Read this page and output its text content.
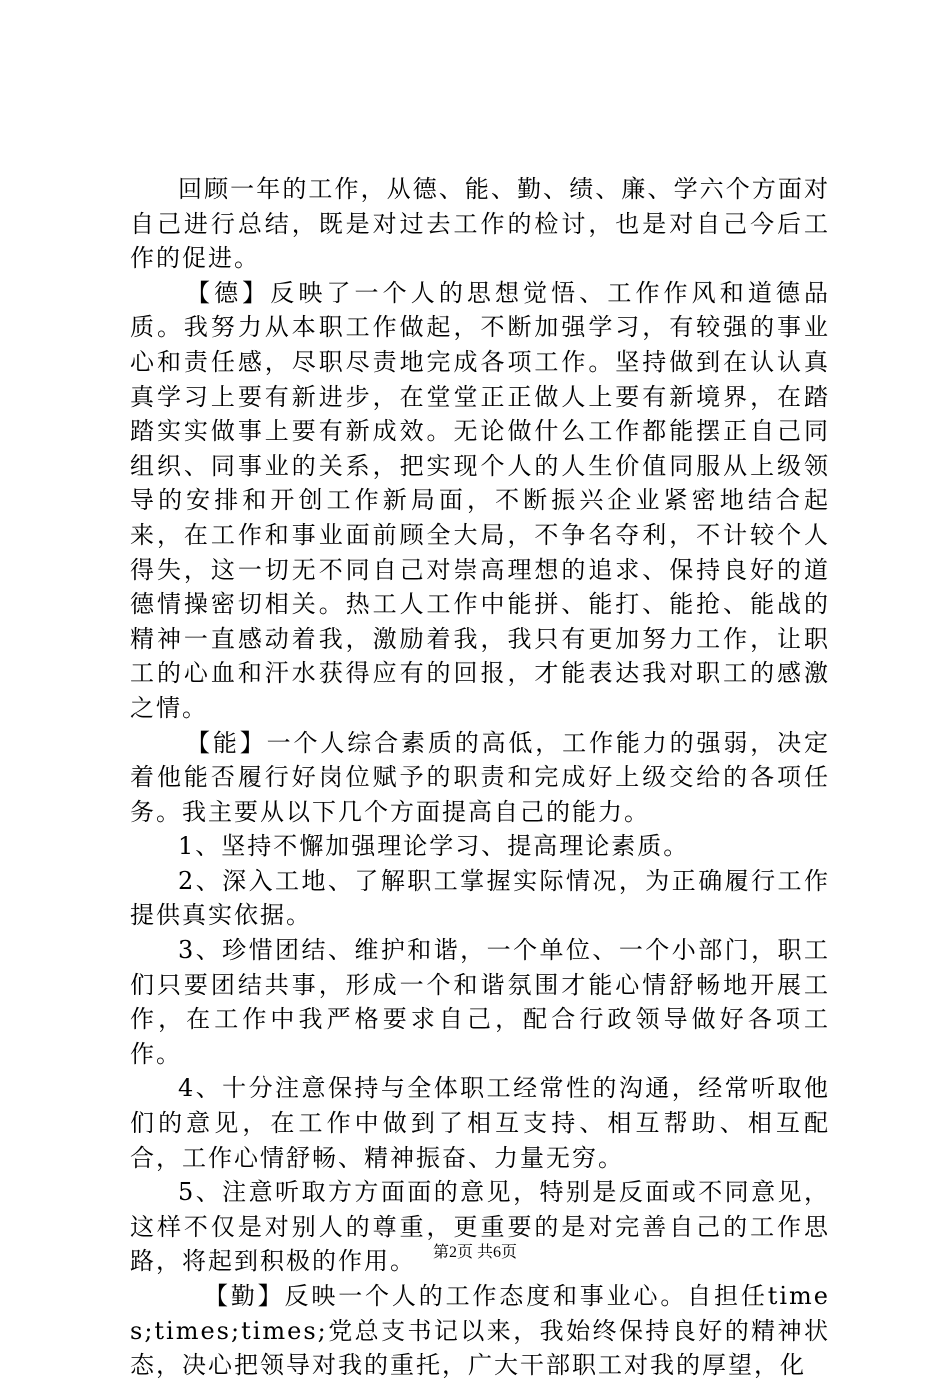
回顾一年的工作，从德、能、勤、绩、廉、学六个方面对自己进行总结，既是对过去工作的检讨，也是对自己今后工作的促进。

【德】反映了一个人的思想觉悟、工作作风和道德品质。我努力从本职工作做起，不断加强学习，有较强的事业心和责任感，尽职尽责地完成各项工作。坚持做到在认认真真学习上要有新进步，在堂堂正正做人上要有新境界，在踏踏实实做事上要有新成效。无论做什么工作都能摆正自己同组织、同事业的关系，把实现个人的人生价值同服从上级领导的安排和开创工作新局面，不断振兴企业紧密地结合起来，在工作和事业面前顾全大局，不争名夺利，不计较个人得失，这一切无不同自己对崇高理想的追求、保持良好的道德情操密切相关。热工人工作中能拼、能打、能抢、能战的精神一直感动着我，激励着我，我只有更加努力工作，让职工的心血和汗水获得应有的回报，才能表达我对职工的感激之情。

【能】一个人综合素质的高低，工作能力的强弱，决定着他能否履行好岗位赋予的职责和完成好上级交给的各项任务。我主要从以下几个方面提高自己的能力。

1、坚持不懈加强理论学习、提高理论素质。

2、深入工地、了解职工掌握实际情况，为正确履行工作提供真实依据。

3、珍惜团结、维护和谐，一个单位、一个小部门，职工们只要团结共事，形成一个和谐氛围才能心情舒畅地开展工作，在工作中我严格要求自己，配合行政领导做好各项工作。

4、十分注意保持与全体职工经常性的沟通，经常听取他们的意见，在工作中做到了相互支持、相互帮助、相互配合，工作心情舒畅、精神振奋、力量无穷。

5、注意听取方方面面的意见，特别是反面或不同意见，这样不仅是对别人的尊重，更重要的是对完善自己的工作思路，将起到积极的作用。

【勤】反映一个人的工作态度和事业心。自担任times;times;times;党总支书记以来，我始终保持良好的精神状态，决心把领导对我的重托，广大干部职工对我的厚望，化

第2页 共6页
